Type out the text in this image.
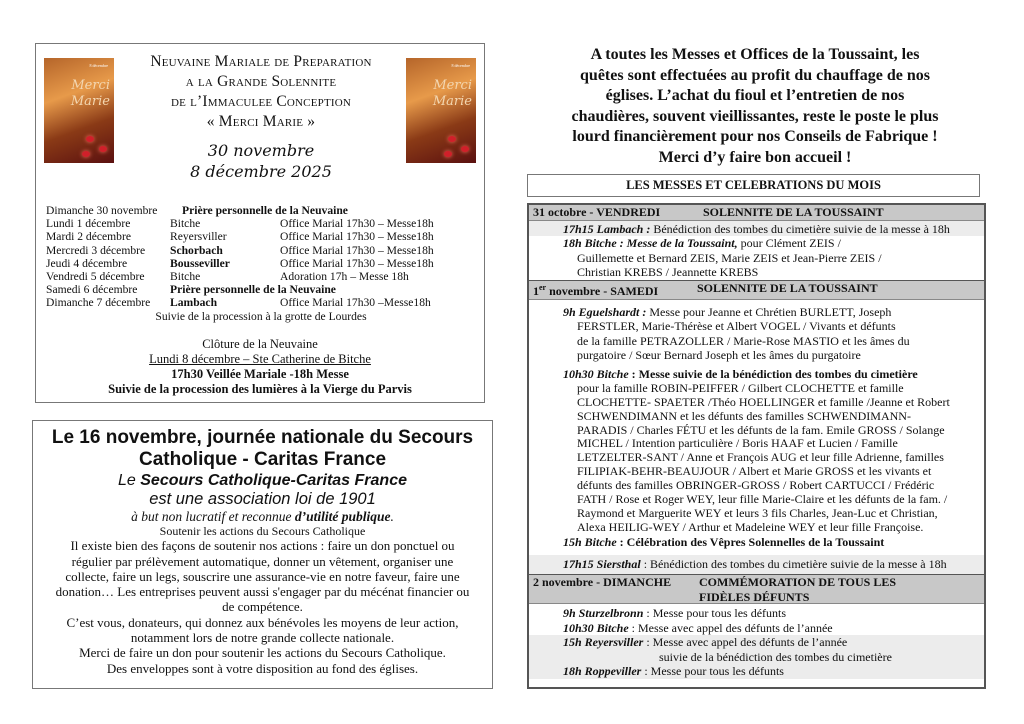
8 décembre
Merci
Marie
8 décembre
Merci
Marie
Neuvaine Mariale de Preparation
a la Grande Solennite
de l’Immaculee Conception
« Merci Marie »
30 novembre
8 décembre 2025
Dimanche 30 novembre Prière personnelle de la Neuvaine
Lundi 1 décembre	Bitche	Office Marial 17h30 – Messe18h
Mardi 2 décembre	Reyersviller	Office Marial 17h30 – Messe18h
Mercredi 3 décembre Schorbach	Office Marial 17h30 – Messe18h
Jeudi 4 décembre	Bousseviller	Office Marial 17h30 – Messe18h
Vendredi 5 décembre Bitche	Adoration 17h – Messe 18h
Samedi 6 décembre	Prière personnelle de la Neuvaine
Dimanche 7 décembre Lambach	Office Marial 17h30 –Messe18h
Suivie de la procession à la grotte de Lourdes
Clôture de la Neuvaine
Lundi 8 décembre – Ste Catherine de Bitche
17h30 Veillée Mariale -18h Messe
Suivie de la procession des lumières à la Vierge du Parvis
Le 16 novembre, journée nationale du Secours
Catholique - Caritas France
Le Secours Catholique-Caritas France
est une association loi de 1901
à but non lucratif et reconnue d’utilité publique.
Soutenir les actions du Secours Catholique
Il existe bien des façons de soutenir nos actions : faire un don ponctuel ou
régulier par prélèvement automatique, donner un vêtement, organiser une
collecte, faire un legs, souscrire une assurance-vie en notre faveur, faire une
donation… Les entreprises peuvent aussi s'engager par du mécénat financier ou
de compétence.
C’est vous, donateurs, qui donnez aux bénévoles les moyens de leur action,
notamment lors de notre grande collecte nationale.
Merci de faire un don pour soutenir les actions du Secours Catholique.
Des enveloppes sont à votre disposition au fond des églises.
A toutes les Messes et Offices de la Toussaint, les
quêtes sont effectuées au profit du chauffage de nos
églises. L’achat du fioul et l’entretien de nos
chaudières, souvent vieillissantes, reste le poste le plus
lourd financièrement pour nos Conseils de Fabrique !
Merci d’y faire bon accueil !
LES MESSES ET CELEBRATIONS DU MOIS
31 octobre - VENDREDI	SOLENNITE DE LA TOUSSAINT
17h15 Lambach : Bénédiction des tombes du cimetière suivie de la messe à 18h
18h Bitche : Messe de la Toussaint, pour Clément ZEIS /
Guillemette et Bernard ZEIS, Marie ZEIS et Jean-Pierre ZEIS /
Christian KREBS / Jeannette KREBS
1er novembre - SAMEDI	SOLENNITE DE LA TOUSSAINT
9h Eguelshardt : Messe pour Jeanne et Chrétien BURLETT, Joseph
FERSTLER, Marie-Thérèse et Albert VOGEL / Vivants et défunts
de la famille PETRAZOLLER / Marie-Rose MASTIO et les âmes du
purgatoire / Sœur Bernard Joseph et les âmes du purgatoire
10h30 Bitche : Messe suivie de la bénédiction des tombes du cimetière
pour la famille ROBIN-PEIFFER / Gilbert CLOCHETTE et famille
CLOCHETTE- SPAETER /Théo HOELLINGER et famille /Jeanne et Robert
SCHWENDIMANN et les défunts des familles SCHWENDIMANN-
PARADIS / Charles FÉTU et les défunts de la fam. Emile GROSS / Solange
MICHEL / Intention particulière / Boris HAAF et Lucien / Famille
LETZELTER-SANT / Anne et François AUG et leur fille Adrienne, familles
FILIPIAK-BEHR-BEAUJOUR / Albert et Marie GROSS et les vivants et
défunts des familles OBRINGER-GROSS / Robert CARTUCCI / Frédéric
FATH / Rose et Roger WEY, leur fille Marie-Claire et les défunts de la fam. /
Raymond et Marguerite WEY et leurs 3 fils Charles, Jean-Luc et Christian,
Alexa HEILIG-WEY / Arthur et Madeleine WEY et leur fille Françoise.
15h Bitche : Célébration des Vêpres Solennelles de la Toussaint
17h15 Siersthal : Bénédiction des tombes du cimetière suivie de la messe à 18h
2 novembre - DIMANCHE COMMÉMORATION DE TOUS LES
FIDÈLES DÉFUNTS
9h Sturzelbronn : Messe pour tous les défunts
10h30 Bitche : Messe avec appel des défunts de l’année
15h Reyersviller : Messe avec appel des défunts de l’année
suivie de la bénédiction des tombes du cimetière
18h Roppeviller : Messe pour tous les défunts
